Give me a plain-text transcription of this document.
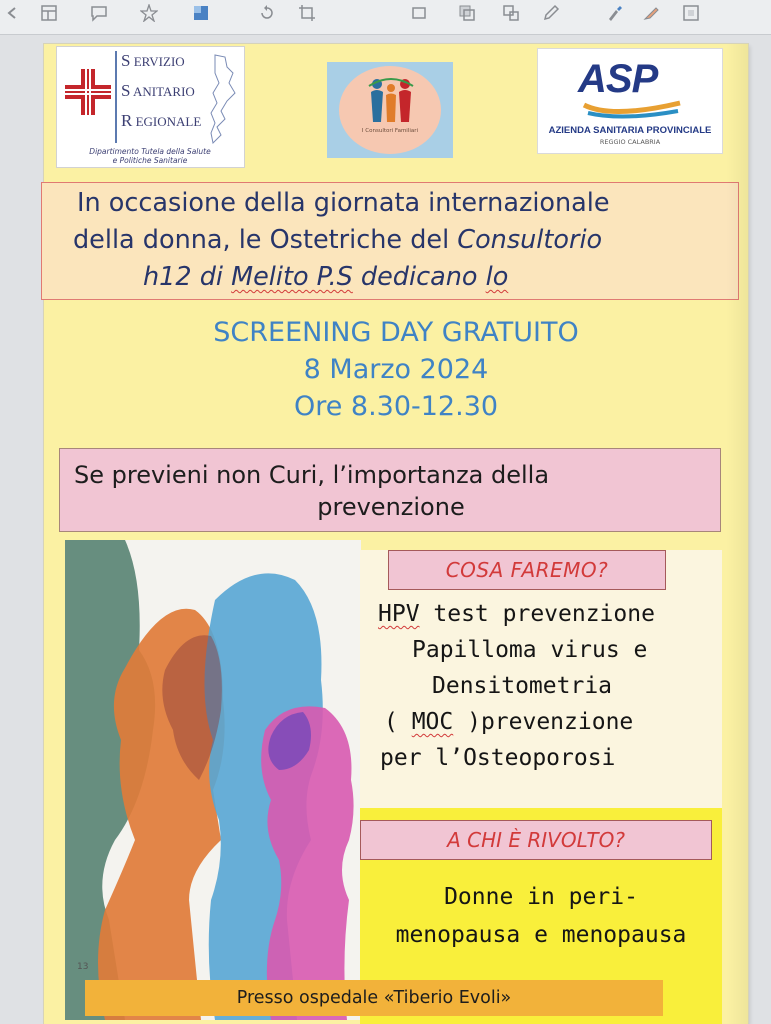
S ERVIZIO
S ANITARIO
R EGIONALE
Dipartimento Tutela della Salute
e Politiche Sanitarie
I Consultori Familiari
ASP
AZIENDA SANITARIA PROVINCIALE
REGGIO CALABRIA
In occasione della giornata internazionale
della donna, le Ostetriche del Consultorio
h12 di Melito P.S dedicano lo
SCREENING DAY GRATUITO
8 Marzo 2024
Ore 8.30-12.30
Se previeni non Curi, l’importanza della
prevenzione
13
COSA FAREMO?
HPV test prevenzione
Papilloma virus e
Densitometria
( MOC )prevenzione
per l’Osteoporosi
A CHI È RIVOLTO?
Donne in peri-
menopausa e menopausa
Presso ospedale «Tiberio Evoli»
